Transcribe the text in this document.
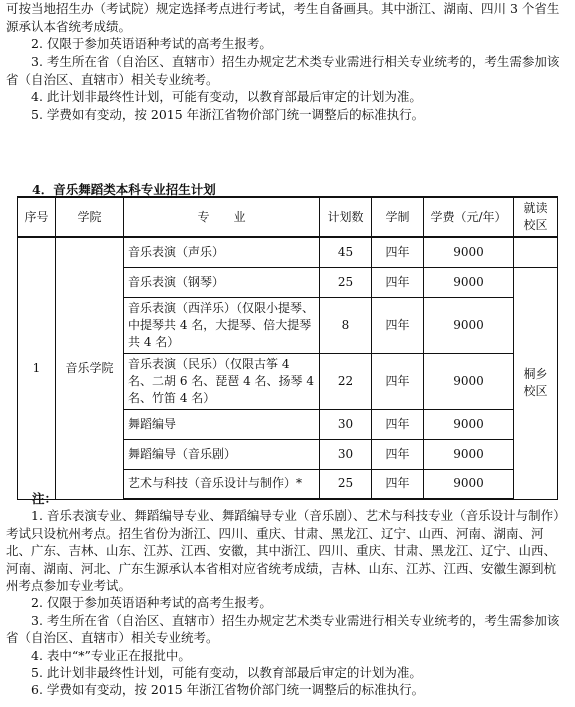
可按当地招生办（考试院）规定选择考点进行考试，考生自备画具。其中浙江、湖南、四川 3 个省生源承认本省统考成绩。
2. 仅限于参加英语语种考试的高考生报考。
3. 考生所在省（自治区、直辖市）招生办规定艺术类专业需进行相关专业统考的，考生需参加该省（自治区、直辖市）相关专业统考。
4. 此计划非最终性计划，可能有变动，以教育部最后审定的计划为准。
5. 学费如有变动，按 2015 年浙江省物价部门统一调整后的标准执行。
4．音乐舞蹈类本科专业招生计划
序号	学院	专　　业	计划数	学制	学费（元/年）	就读校区
1	音乐学院	音乐表演（声乐）	45	四年	9000	
		音乐表演（钢琴）	25	四年	9000	桐乡校区
		音乐表演（西洋乐）（仅限小提琴、中提琴共 4 名，大提琴、倍大提琴共 4 名）	8	四年	9000	
		音乐表演（民乐）（仅限古筝 4 名、二胡 6 名、琵琶 4 名、扬琴 4 名、竹笛 4 名）	22	四年	9000	
		舞蹈编导	30	四年	9000	
		舞蹈编导（音乐剧）	30	四年	9000	
		艺术与科技（音乐设计与制作）*	25	四年	9000	
注：
1. 音乐表演专业、舞蹈编导专业、舞蹈编导专业（音乐剧）、艺术与科技专业（音乐设计与制作）考试只设杭州考点。招生省份为浙江、四川、重庆、甘肃、黑龙江、辽宁、山西、河南、湖南、河北、广东、吉林、山东、江苏、江西、安徽，其中浙江、四川、重庆、甘肃、黑龙江、辽宁、山西、河南、湖南、河北、广东生源承认本省相对应省统考成绩，吉林、山东、江苏、江西、安徽生源到杭州考点参加专业考试。
2. 仅限于参加英语语种考试的高考生报考。
3. 考生所在省（自治区、直辖市）招生办规定艺术类专业需进行相关专业统考的，考生需参加该省（自治区、直辖市）相关专业统考。
4. 表中“*”专业正在报批中。
5. 此计划非最终性计划，可能有变动，以教育部最后审定的计划为准。
6. 学费如有变动，按 2015 年浙江省物价部门统一调整后的标准执行。
